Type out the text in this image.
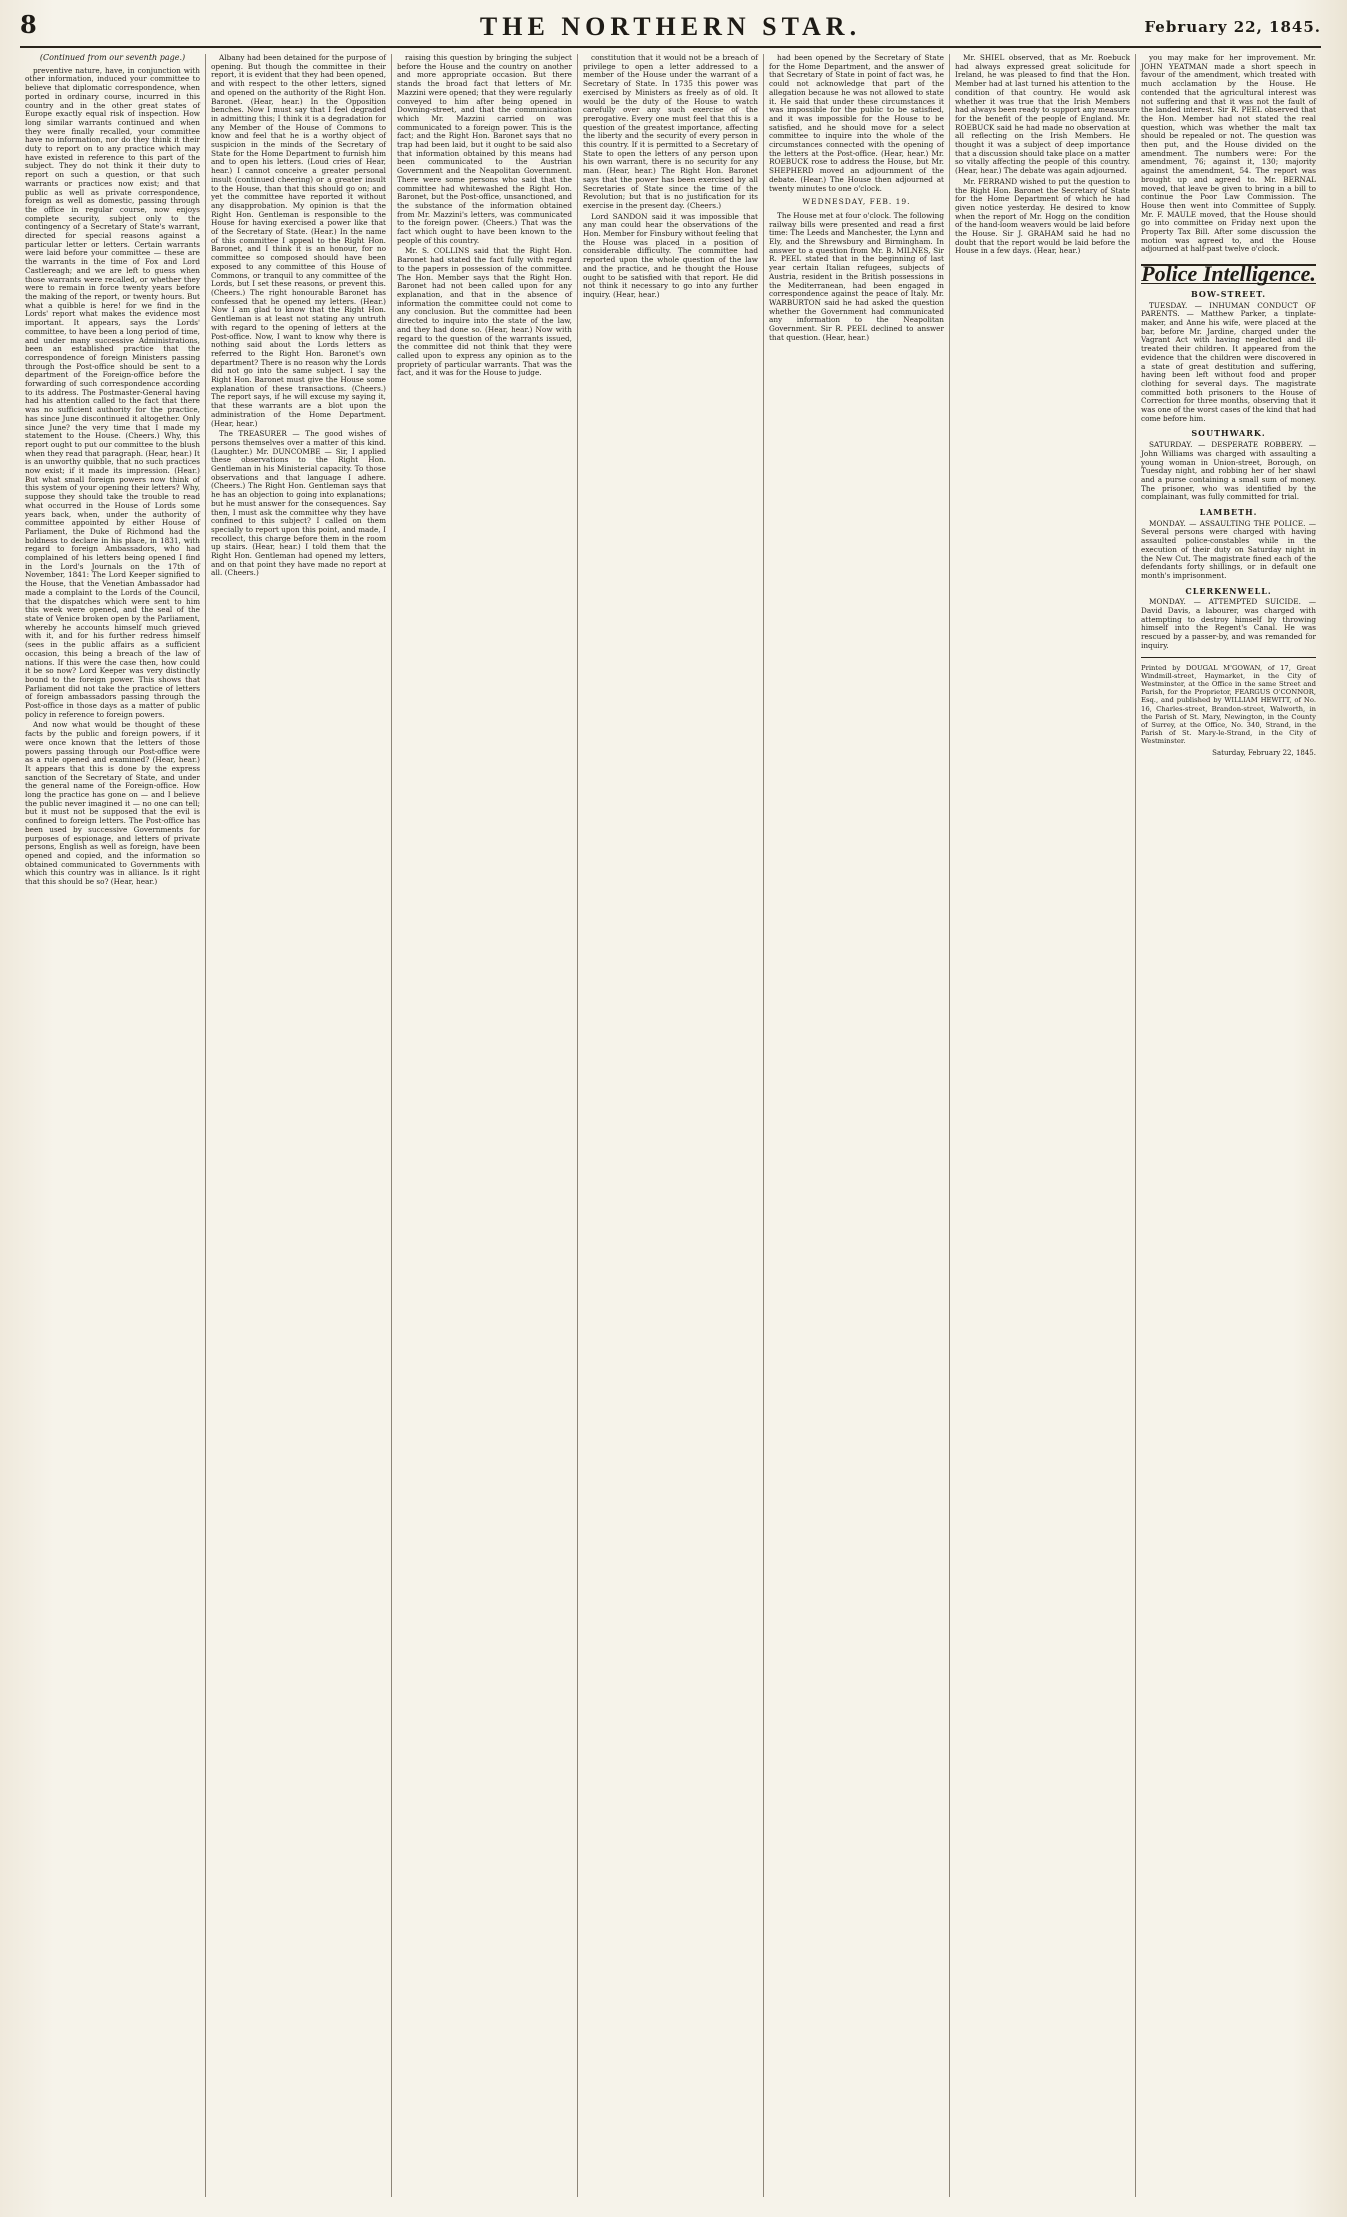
8	THE NORTHERN STAR.	February 22, 1845.
(Continued from our seventh page.)

preventive nature, have, in conjunction with other information, induced your committee to believe that diplomatic correspondence, when ported in ordinary course, incurred in this country and in the other great states of Europe exactly equal risk of inspection. How long similar warrants continued and when they were finally recalled, your committee have no information, nor do they think it their duty to report on to any practice which may have existed in reference to this part of the subject. They do not think it their duty to report on such a question, or that such warrants or practices now exist; and that public as well as private correspondence, foreign as well as domestic, passing through the office in regular course, now enjoys complete security, subject only to the contingency of a Secretary of State's warrant, directed for special reasons against a particular letter or letters. Certain warrants were laid before your committee — these are the warrants in the time of Fox and Lord Castlereagh; and we are left to guess when those warrants were recalled, or whether they were to remain in force twenty years before the making of the report, or twenty hours. But what a quibble is here! for we find in the Lords' report what makes the evidence most important. It appears, says the Lords' committee, to have been a long period of time, and under many successive Administrations, been an established practice that the correspondence of foreign Ministers passing through the Post-office should be sent to a department of the Foreign-office before the forwarding of such correspondence according to its address. The Postmaster-General having had his attention called to the fact that there was no sufficient authority for the practice, has since June discontinued it altogether. Only since June? the very time that I made my statement to the House. (Cheers.) Why, this report ought to put our committee to the blush when they read that paragraph. (Hear, hear.) It is an unworthy quibble, that no such practices now exist; if it made its impression. (Hear.) But what small foreign powers now think of this system of your opening their letters? Why, suppose they should take the trouble to read what occurred in the House of Lords some years back, when, under the authority of committee appointed by either House of Parliament, the Duke of Richmond had the boldness to declare in his place, in 1831, with regard to foreign Ambassadors, who had complained of his letters being opened I find in the Lord's Journals on the 17th of November, 1841: The Lord Keeper signified to the House, that the Venetian Ambassador had made a complaint to the Lords of the Council, that the dispatches which were sent to him this week were opened, and the seal of the state of Venice broken open by the Parliament, whereby he accounts himself much grieved with it, and for his further redress himself (sees in the public affairs as a sufficient occasion, this being a breach of the law of nations. If this were the case then, how could it be so now? Lord Keeper was very distinctly bound to the foreign power. This shows that Parliament did not take the practice of letters of foreign ambassadors passing through the Post-office in those days as a matter of public policy in reference to foreign powers.

And now what would be thought of these facts by the public and foreign powers, if it were once known that the letters of those powers passing through our Post-office were as a rule opened and examined? (Hear, hear.) It appears that this is done by the express sanction of the Secretary of State, and under the general name of the Foreign-office. How long the practice has gone on — and I believe the public never imagined it — no one can tell; but it must not be supposed that the evil is confined to foreign letters. The Post-office has been used by successive Governments for purposes of espionage, and letters of private persons, English as well as foreign, have been opened and copied, and the information so obtained communicated to Governments with which this country was in alliance. Is it right that this should be so? (Hear, hear.)

Albany had been detained for the purpose of opening. But though the committee in their report, it is evident that they had been opened, and with respect to the other letters, signed and opened on the authority of the Right Hon. Baronet. (Hear, hear.) In the Opposition benches. Now I must say that I feel degraded in admitting this; I think it is a degradation for any Member of the House of Commons to know and feel that he is a worthy object of suspicion in the minds of the Secretary of State for the Home Department to furnish him and to open his letters. (Loud cries of Hear, hear.) I cannot conceive a greater personal insult (continued cheering) or a greater insult to the House, than that this should go on; and yet the committee have reported it without any disapprobation. My opinion is that the Right Hon. Gentleman is responsible to the House for having exercised a power like that of the Secretary of State. (Hear.) In the name of this committee I appeal to the Right Hon. Baronet, and I think it is an honour, for no committee so composed should have been exposed to any committee of this House of Commons, or tranquil to any committee of the Lords, but I set these reasons, or prevent this. (Cheers.) The right honourable Baronet has confessed that he opened my letters. (Hear.) Now I am glad to know that the Right Hon. Gentleman is at least not stating any untruth with regard to the opening of letters at the Post-office. Now, I want to know why there is nothing said about the Lords letters as referred to the Right Hon. Baronet's own department? There is no reason why the Lords did not go into the same subject. I say the Right Hon. Baronet must give the House some explanation of these transactions. (Cheers.) The report says, if he will excuse my saying it, that these warrants are a blot upon the administration of the Home Department. (Hear, hear.)

The TREASURER — The good wishes of persons themselves over a matter of this kind. (Laughter.) Mr. DUNCOMBE — Sir, I applied these observations to the Right Hon. Gentleman in his Ministerial capacity. To those observations and that language I adhere. (Cheers.) The Right Hon. Gentleman says that he has an objection to going into explanations; but he must answer for the consequences. Say then, I must ask the committee why they have confined to this subject? I called on them specially to report upon this point, and made, I recollect, this charge before them in the room up stairs. (Hear, hear.) I told them that the Right Hon. Gentleman had opened my letters, and on that point they have made no report at all. (Cheers.)

raising this question by bringing the subject before the House and the country on another and more appropriate occasion. But there stands the broad fact that letters of Mr. Mazzini were opened; that they were regularly conveyed to him after being opened in Downing-street, and that the communication which Mr. Mazzini carried on was communicated to a foreign power. This is the fact; and the Right Hon. Baronet says that no trap had been laid, but it ought to be said also that information obtained by this means had been communicated to the Austrian Government and the Neapolitan Government. There were some persons who said that the committee had whitewashed the Right Hon. Baronet, but the Post-office, unsanctioned, and the substance of the information obtained from Mr. Mazzini's letters, was communicated to the foreign power. (Cheers.) That was the fact which ought to have been known to the people of this country.

Mr. S. COLLINS said that the Right Hon. Baronet had stated the fact fully with regard to the papers in possession of the committee. The Hon. Member says that the Right Hon. Baronet had not been called upon for any explanation, and that in the absence of information the committee could not come to any conclusion. But the committee had been directed to inquire into the state of the law, and they had done so. (Hear, hear.) Now with regard to the question of the warrants issued, the committee did not think that they were called upon to express any opinion as to the propriety of particular warrants. That was the fact, and it was for the House to judge.

constitution that it would not be a breach of privilege to open a letter addressed to a member of the House under the warrant of a Secretary of State. In 1735 this power was exercised by Ministers as freely as of old. It would be the duty of the House to watch carefully over any such exercise of the prerogative. Every one must feel that this is a question of the greatest importance, affecting the liberty and the security of every person in this country. If it is permitted to a Secretary of State to open the letters of any person upon his own warrant, there is no security for any man. (Hear, hear.) The Right Hon. Baronet says that the power has been exercised by all Secretaries of State since the time of the Revolution; but that is no justification for its exercise in the present day. (Cheers.)

Lord SANDON said it was impossible that any man could hear the observations of the Hon. Member for Finsbury without feeling that the House was placed in a position of considerable difficulty. The committee had reported upon the whole question of the law and the practice, and he thought the House ought to be satisfied with that report. He did not think it necessary to go into any further inquiry. (Hear, hear.)

had been opened by the Secretary of State for the Home Department, and the answer of that Secretary of State in point of fact was, he could not acknowledge that part of the allegation because he was not allowed to state it. He said that under these circumstances it was impossible for the public to be satisfied, and it was impossible for the House to be satisfied, and he should move for a select committee to inquire into the whole of the circumstances connected with the opening of the letters at the Post-office. (Hear, hear.) Mr. ROEBUCK rose to address the House, but Mr. SHEPHERD moved an adjournment of the debate. (Hear.) The House then adjourned at twenty minutes to one o'clock.

WEDNESDAY, FEB. 19.

The House met at four o'clock. The following railway bills were presented and read a first time: The Leeds and Manchester, the Lynn and Ely, and the Shrewsbury and Birmingham. In answer to a question from Mr. B. MILNES, Sir R. PEEL stated that in the beginning of last year certain Italian refugees, subjects of Austria, resident in the British possessions in the Mediterranean, had been engaged in correspondence against the peace of Italy. Mr. WARBURTON said he had asked the question whether the Government had communicated any information to the Neapolitan Government. Sir R. PEEL declined to answer that question. (Hear, hear.)

Mr. SHIEL observed, that as Mr. Roebuck had always expressed great solicitude for Ireland, he was pleased to find that the Hon. Member had at last turned his attention to the condition of that country. He would ask whether it was true that the Irish Members had always been ready to support any measure for the benefit of the people of England. Mr. ROEBUCK said he had made no observation at all reflecting on the Irish Members. He thought it was a subject of deep importance that a discussion should take place on a matter so vitally affecting the people of this country. (Hear, hear.) The debate was again adjourned.

Mr. FERRAND wished to put the question to the Right Hon. Baronet the Secretary of State for the Home Department of which he had given notice yesterday. He desired to know when the report of Mr. Hogg on the condition of the hand-loom weavers would be laid before the House. Sir J. GRAHAM said he had no doubt that the report would be laid before the House in a few days. (Hear, hear.)

you may make for her improvement. Mr. JOHN YEATMAN made a short speech in favour of the amendment, which treated with much acclamation by the House. He contended that the agricultural interest was not suffering and that it was not the fault of the landed interest. Sir R. PEEL observed that the Hon. Member had not stated the real question, which was whether the malt tax should be repealed or not. The question was then put, and the House divided on the amendment. The numbers were: For the amendment, 76; against it, 130; majority against the amendment, 54. The report was brought up and agreed to. Mr. BERNAL moved, that leave be given to bring in a bill to continue the Poor Law Commission. The House then went into Committee of Supply. Mr. F. MAULE moved, that the House should go into committee on Friday next upon the Property Tax Bill. After some discussion the motion was agreed to, and the House adjourned at half-past twelve o'clock.

Police Intelligence.
BOW-STREET.

TUESDAY. — INHUMAN CONDUCT OF PARENTS. — Matthew Parker, a tinplate-maker, and Anne his wife, were placed at the bar, before Mr. Jardine, charged under the Vagrant Act with having neglected and ill-treated their children. It appeared from the evidence that the children were discovered in a state of great destitution and suffering, having been left without food and proper clothing for several days. The magistrate committed both prisoners to the House of Correction for three months, observing that it was one of the worst cases of the kind that had come before him.

SOUTHWARK.

SATURDAY. — DESPERATE ROBBERY. — John Williams was charged with assaulting a young woman in Union-street, Borough, on Tuesday night, and robbing her of her shawl and a purse containing a small sum of money. The prisoner, who was identified by the complainant, was fully committed for trial.

LAMBETH.

MONDAY. — ASSAULTING THE POLICE. — Several persons were charged with having assaulted police-constables while in the execution of their duty on Saturday night in the New Cut. The magistrate fined each of the defendants forty shillings, or in default one month's imprisonment.

CLERKENWELL.

MONDAY. — ATTEMPTED SUICIDE. — David Davis, a labourer, was charged with attempting to destroy himself by throwing himself into the Regent's Canal. He was rescued by a passer-by, and was remanded for inquiry.

Printed by DOUGAL M'GOWAN, of 17, Great Windmill-street, Haymarket, in the City of Westminster, at the Office in the same Street and Parish, for the Proprietor, FEARGUS O'CONNOR, Esq., and published by WILLIAM HEWITT, of No. 16, Charles-street, Brandon-street, Walworth, in the Parish of St. Mary, Newington, in the County of Surrey, at the Office, No. 340, Strand, in the Parish of St. Mary-le-Strand, in the City of Westminster.
Saturday, February 22, 1845.
